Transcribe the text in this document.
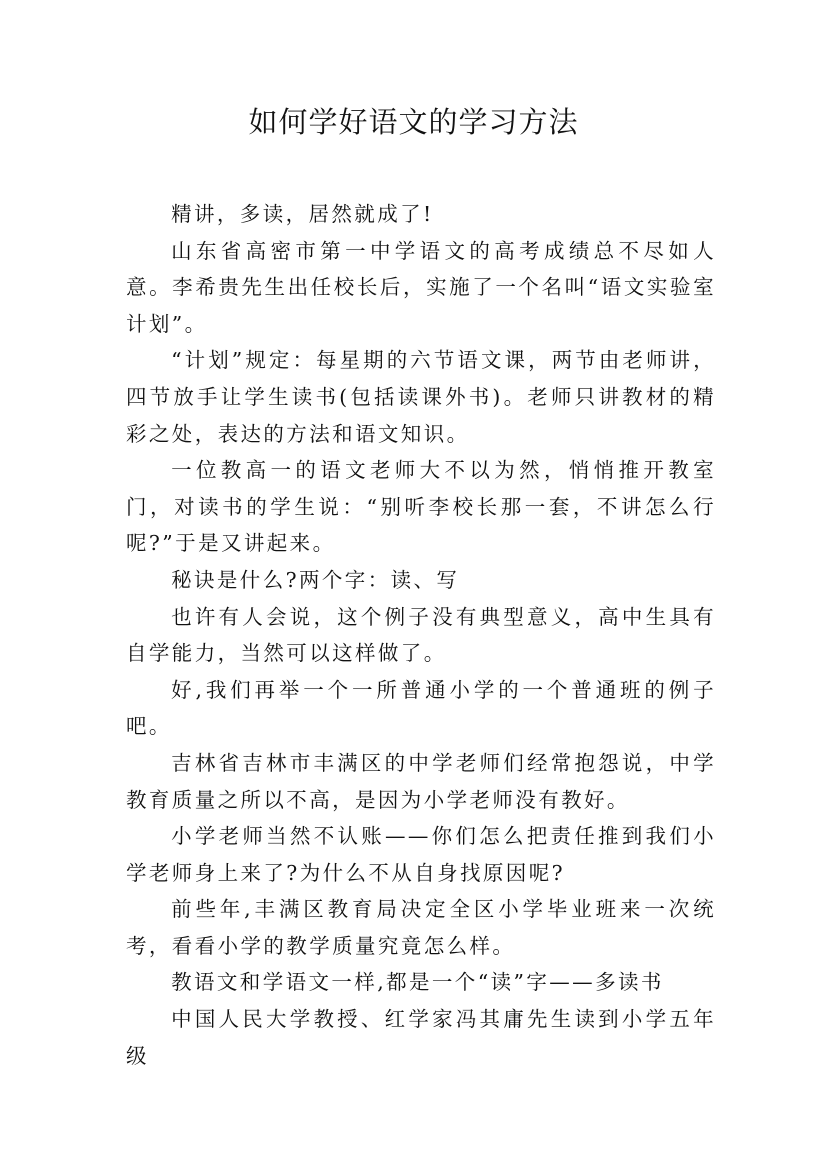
如何学好语文的学习方法

精讲，多读，居然就成了!

山东省高密市第一中学语文的高考成绩总不尽如人意。李希贵先生出任校长后，实施了一个名叫“语文实验室计划”。

“计划”规定：每星期的六节语文课，两节由老师讲，四节放手让学生读书(包括读课外书)。老师只讲教材的精彩之处，表达的方法和语文知识。

一位教高一的语文老师大不以为然，悄悄推开教室门，对读书的学生说：“别听李校长那一套，不讲怎么行呢?”于是又讲起来。

秘诀是什么?两个字：读、写

也许有人会说，这个例子没有典型意义，高中生具有自学能力，当然可以这样做了。

好,我们再举一个一所普通小学的一个普通班的例子吧。

吉林省吉林市丰满区的中学老师们经常抱怨说，中学教育质量之所以不高，是因为小学老师没有教好。

小学老师当然不认账——你们怎么把责任推到我们小学老师身上来了?为什么不从自身找原因呢?

前些年,丰满区教育局决定全区小学毕业班来一次统考，看看小学的教学质量究竟怎么样。

教语文和学语文一样,都是一个“读”字——多读书

中国人民大学教授、红学家冯其庸先生读到小学五年级
